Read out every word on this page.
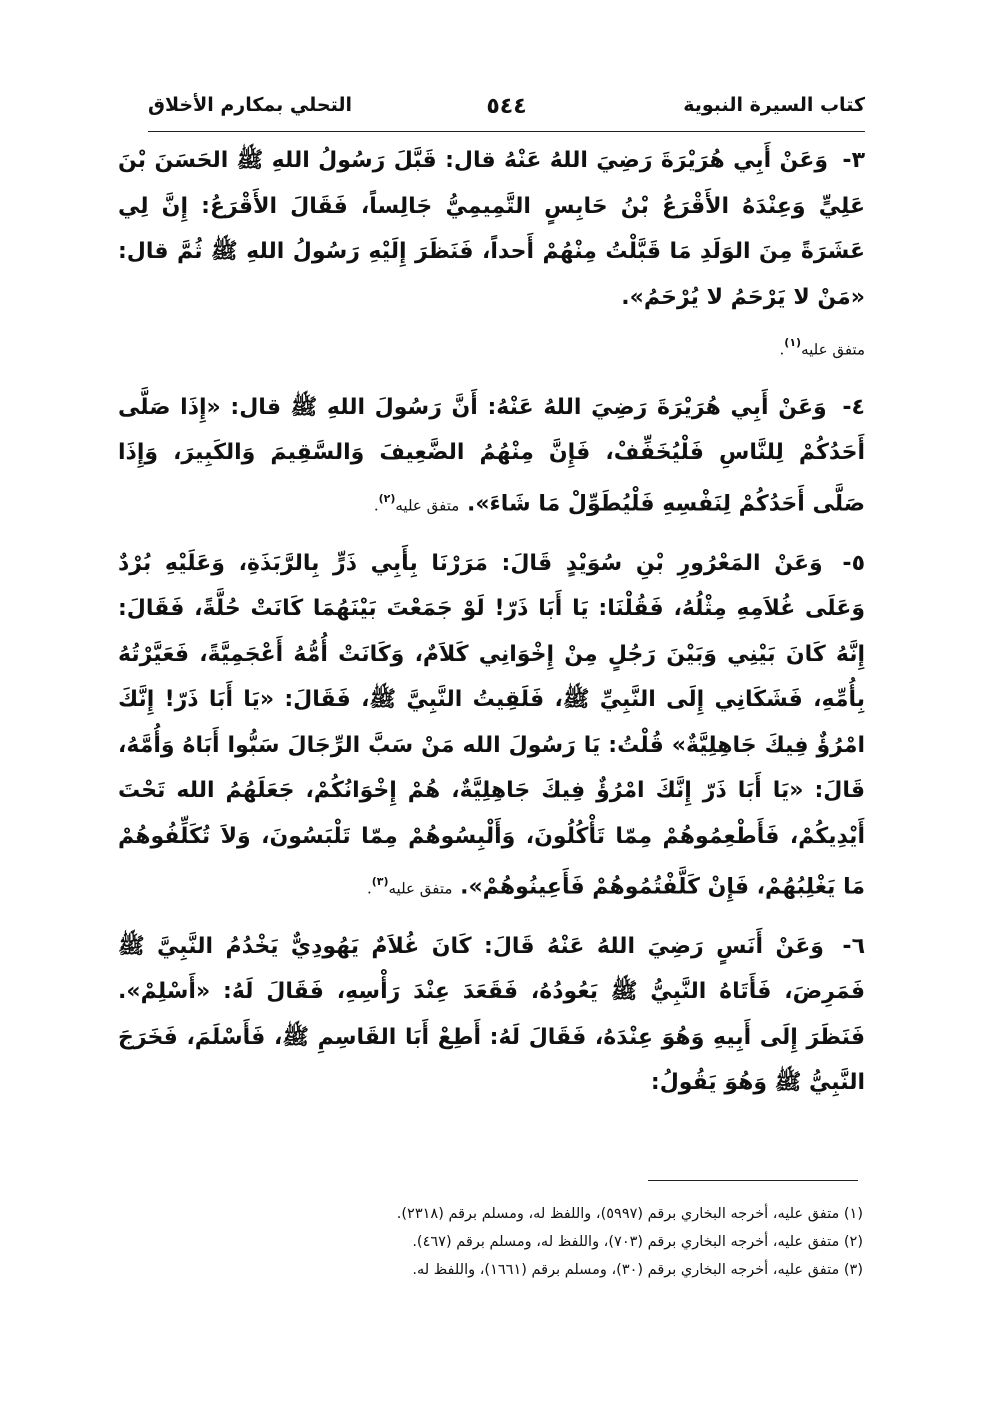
كتاب السيرة النبوية
٥٤٤
التحلي بمكارم الأخلاق

٣- وَعَنْ أَبِي هُرَيْرَةَ رَضِيَ اللهُ عَنْهُ قال: قَبَّلَ رَسُولُ اللهِ ﷺ الحَسَنَ بْنَ عَلِيٍّ وَعِنْدَهُ الأَقْرَعُ بْنُ حَابِسٍ التَّمِيمِيُّ جَالِساً، فَقَالَ الأَقْرَعُ: إِنَّ لِي عَشَرَةً مِنَ الوَلَدِ مَا قَبَّلْتُ مِنْهُمْ أَحداً، فَنَظَرَ إِلَيْهِ رَسُولُ اللهِ ﷺ ثُمَّ قال: «مَنْ لا يَرْحَمُ لا يُرْحَمُ».
متفق عليه$^{(١)}$.

٤- وَعَنْ أَبِي هُرَيْرَةَ رَضِيَ اللهُ عَنْهُ: أَنَّ رَسُولَ اللهِ ﷺ قال: «إِذَا صَلَّى أَحَدُكُمْ لِلنَّاسِ فَلْيُخَفِّفْ، فَإِنَّ مِنْهُمُ الضَّعِيفَ وَالسَّقِيمَ وَالكَبِيرَ، وَإِذَا صَلَّى أَحَدُكُمْ لِنَفْسِهِ فَلْيُطَوِّلْ مَا شَاءَ». متفق عليه$^{(٢)}$.

٥- وَعَنْ المَعْرُورِ بْنِ سُوَيْدٍ قَالَ: مَرَرْنَا بِأَبِي ذَرٍّ بِالرَّبَذَةِ، وَعَلَيْهِ بُرْدٌ وَعَلَى غُلاَمِهِ مِثْلُهُ، فَقُلْنَا: يَا أَبَا ذَرّ! لَوْ جَمَعْتَ بَيْنَهُمَا كَانَتْ حُلَّةً، فَقَالَ: إِنَّهُ كَانَ بَيْنِي وَبَيْنَ رَجُلٍ مِنْ إِخْوَانِي كَلاَمٌ، وَكَانَتْ أُمُّهُ أَعْجَمِيَّةً، فَعَيَّرْتُهُ بِأُمِّهِ، فَشَكَانِي إِلَى النَّبِيِّ ﷺ، فَلَقِيتُ النَّبِيَّ ﷺ، فَقَالَ: «يَا أَبَا ذَرّ! إِنَّكَ امْرُؤٌ فِيكَ جَاهِلِيَّةٌ» قُلْتُ: يَا رَسُولَ الله مَنْ سَبَّ الرِّجَالَ سَبُّوا أَبَاهُ وَأُمَّهُ، قَالَ: «يَا أَبَا ذَرّ إِنَّكَ امْرُؤٌ فِيكَ جَاهِلِيَّةٌ، هُمْ إِخْوَانُكُمْ، جَعَلَهُمُ الله تَحْتَ أَيْدِيكُمْ، فَأَطْعِمُوهُمْ مِمّا تَأْكُلُونَ، وَأَلْبِسُوهُمْ مِمّا تَلْبَسُونَ، وَلاَ تُكَلِّفُوهُمْ مَا يَغْلِبُهُمْ، فَإِنْ كَلَّفْتُمُوهُمْ فَأَعِينُوهُمْ». متفق عليه$^{(٣)}$.

٦- وَعَنْ أَنَسٍ رَضِيَ اللهُ عَنْهُ قَالَ: كَانَ غُلاَمٌ يَهُودِيٌّ يَخْدُمُ النَّبِيَّ ﷺ فَمَرِضَ، فَأَتَاهُ النَّبِيُّ ﷺ يَعُودُهُ، فَقَعَدَ عِنْدَ رَأْسِهِ، فَقَالَ لَهُ: «أَسْلِمْ». فَنَظَرَ إِلَى أَبِيهِ وَهُوَ عِنْدَهُ، فَقَالَ لَهُ: أَطِعْ أَبَا القَاسِمِ ﷺ، فَأَسْلَمَ، فَخَرَجَ النَّبِيُّ ﷺ وَهُوَ يَقُولُ:

(١) متفق عليه، أخرجه البخاري برقم (٥٩٩٧)، واللفظ له، ومسلم برقم (٢٣١٨).

(٢) متفق عليه، أخرجه البخاري برقم (٧٠٣)، واللفظ له، ومسلم برقم (٤٦٧).

(٣) متفق عليه، أخرجه البخاري برقم (٣٠)، ومسلم برقم (١٦٦١)، واللفظ له.
